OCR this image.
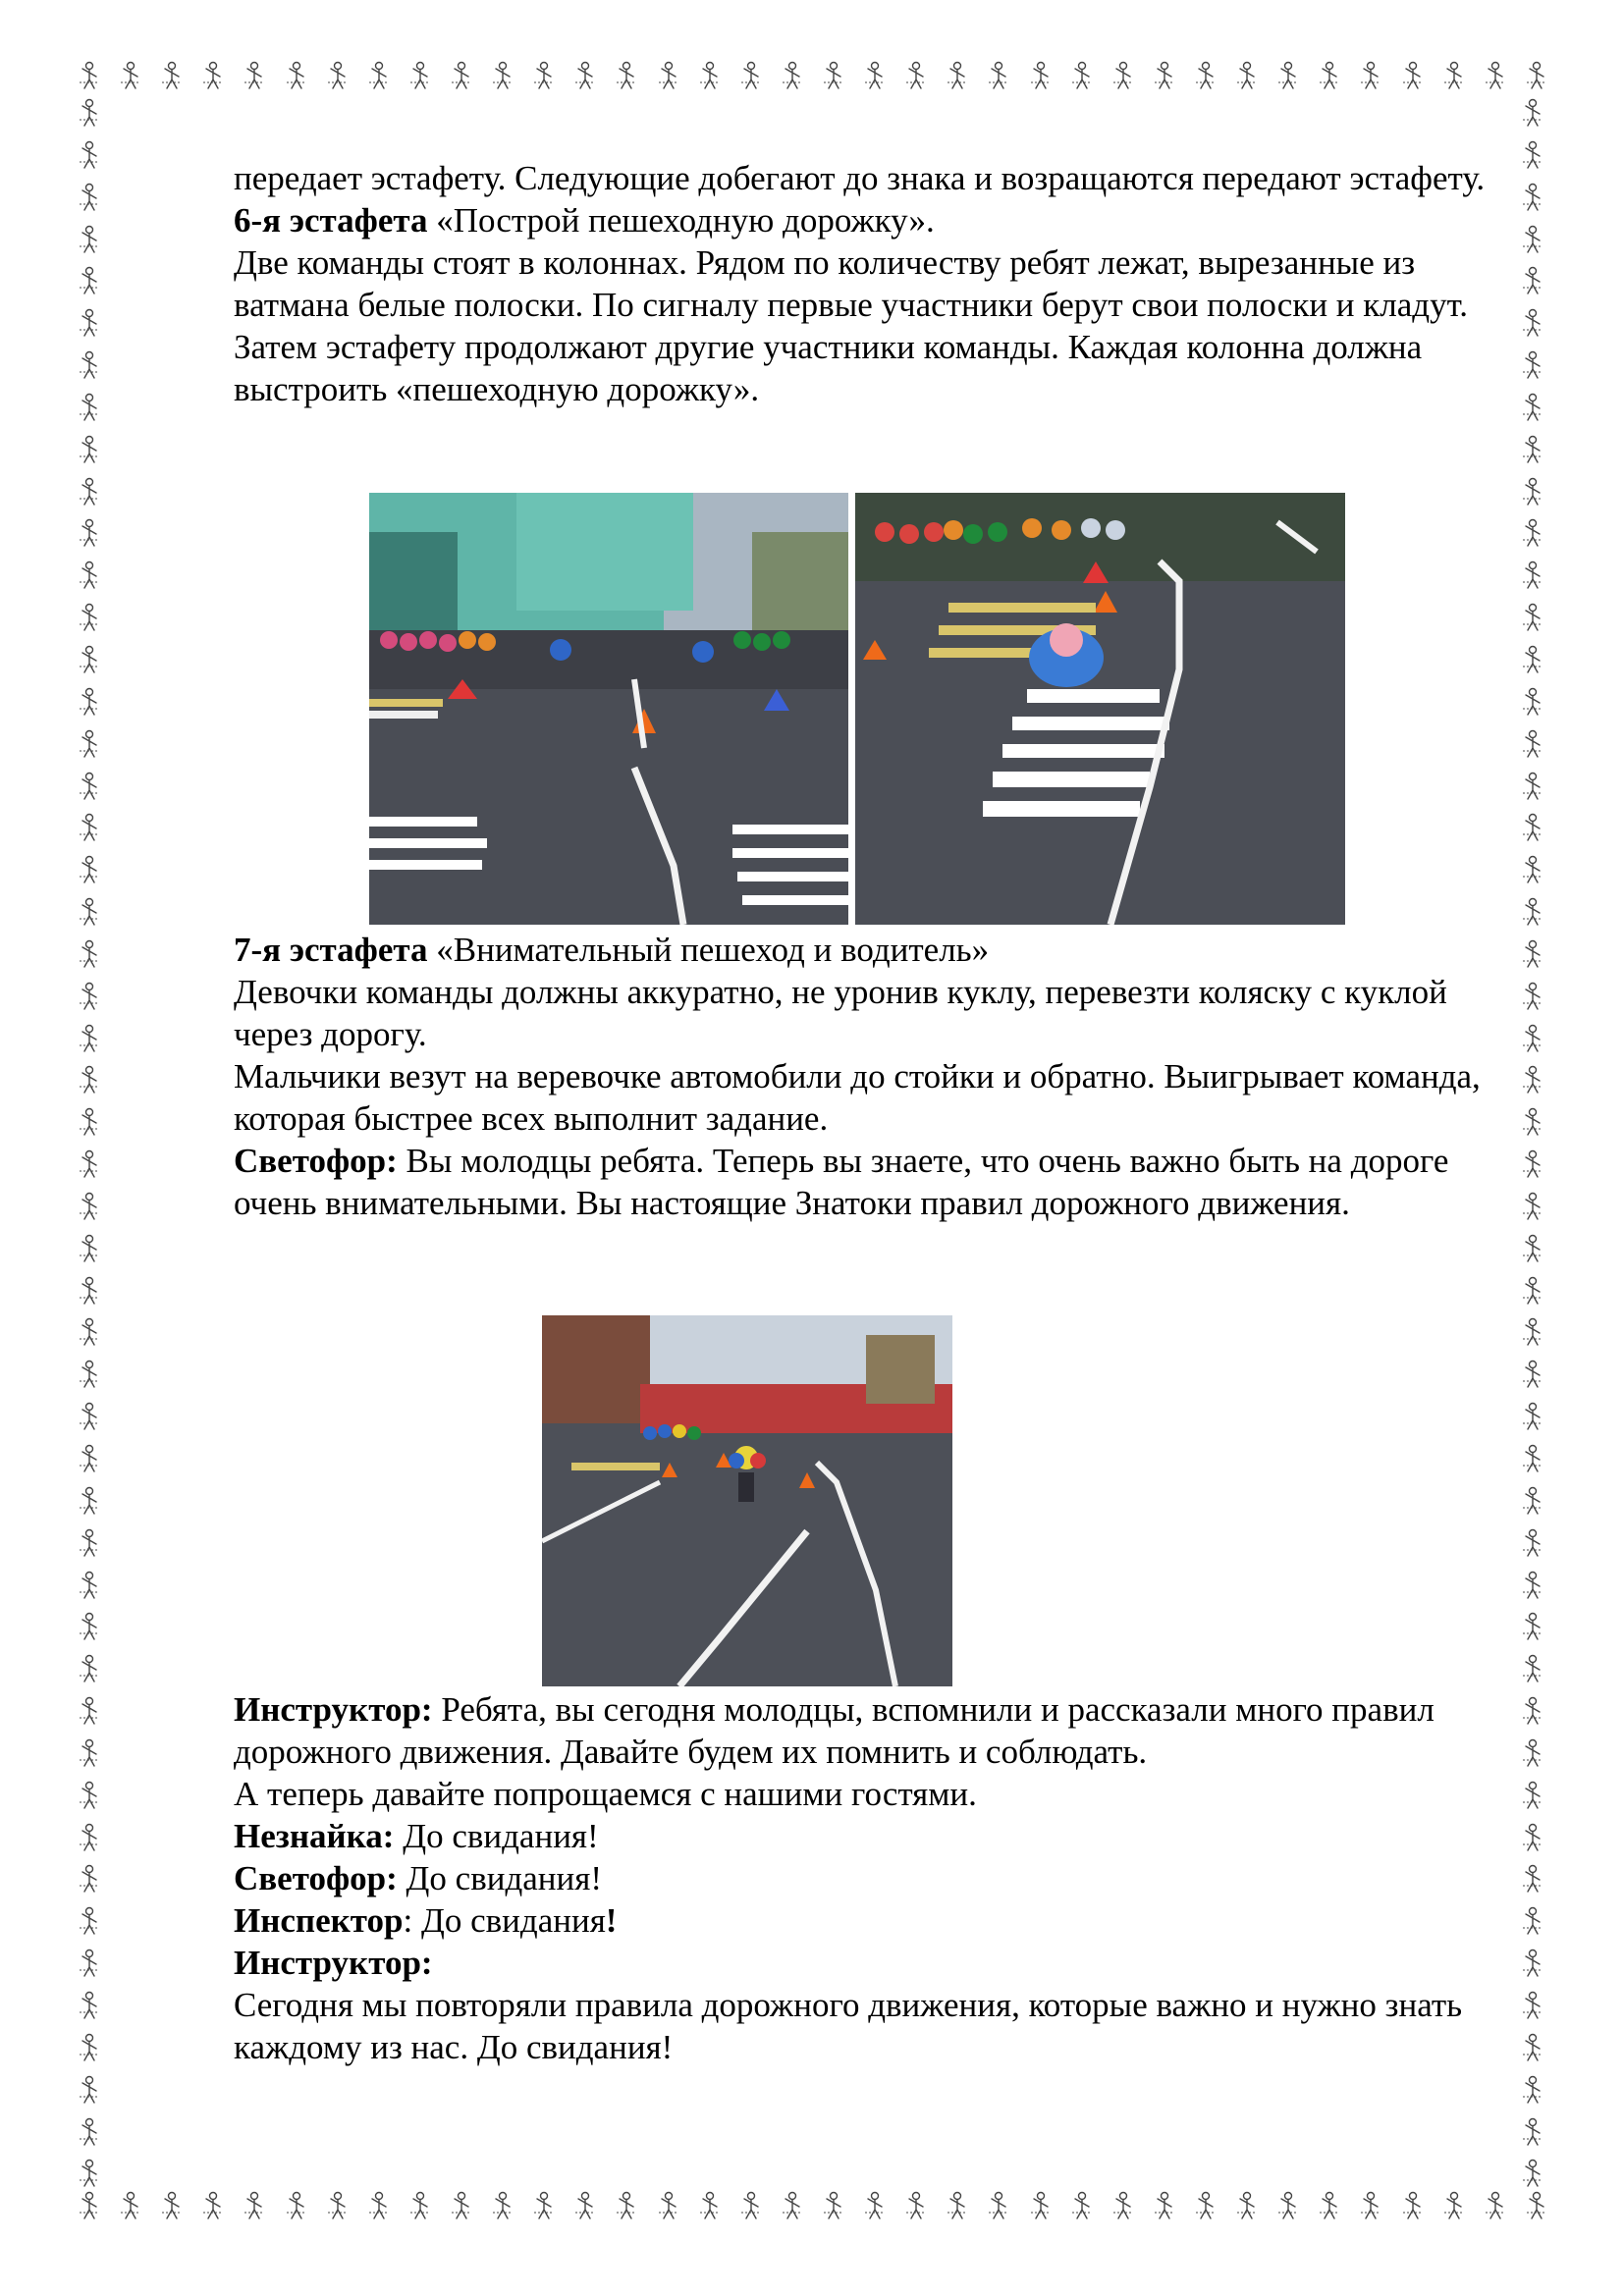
передает эстафету. Следующие добегают до знака и возращаются передают эстафету.

6-я эстафета «Построй пешеходную дорожку».

Две команды стоят в колоннах. Рядом по количеству ребят лежат, вырезанные из ватмана белые полоски. По сигналу первые участники берут свои полоски и кладут. Затем эстафету продолжают другие участники команды. Каждая колонна должна выстроить «пешеходную дорожку».

7-я эстафета «Внимательный пешеход и водитель»

Девочки команды должны аккуратно, не уронив куклу, перевезти коляску с куклой через дорогу.

Мальчики везут на веревочке автомобили до стойки и обратно. Выигрывает команда, которая быстрее всех выполнит задание.

Светофор: Вы молодцы ребята. Теперь вы знаете, что очень важно быть на дороге очень внимательными. Вы настоящие Знатоки правил дорожного движения.

Инструктор: Ребята, вы сегодня молодцы, вспомнили и рассказали много правил дорожного движения. Давайте будем их помнить и соблюдать.

А теперь давайте попрощаемся с нашими гостями.

Незнайка: До свидания!

Светофор: До свидания!

Инспектор: До свидания!

Инструктор:

Сегодня мы повторяли правила дорожного движения, которые важно и нужно знать каждому из нас. До свидания!
